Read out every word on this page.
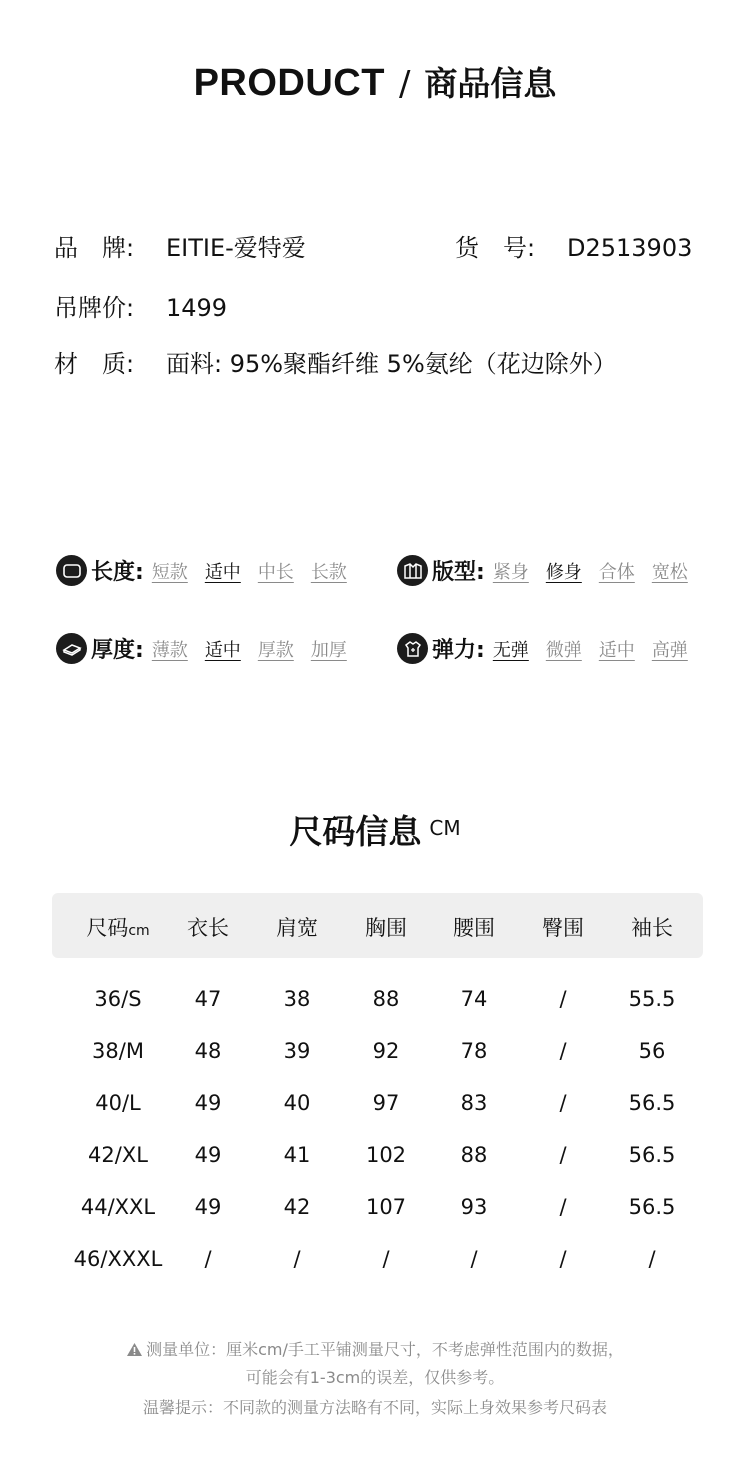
PRODUCT / 商品信息
品　牌: EITIE-爱特爱	货　号: D2513903
吊牌价: 1499
材　质: 面料: 95%聚酯纤维 5%氨纶（花边除外）
长度: 短款 适中 中长 长款	版型: 紧身 修身 合体 宽松
厚度: 薄款 适中 厚款 加厚	弹力: 无弹 微弹 适中 高弹
尺码信息 CM
尺码cm	衣长	肩宽	胸围	腰围	臀围	袖长
36/S	47	38	88	74	/	55.5
38/M	48	39	92	78	/	56
40/L	49	40	97	83	/	56.5
42/XL	49	41	102	88	/	56.5
44/XXL	49	42	107	93	/	56.5
46/XXXL	/	/	/	/	/	/
测量单位：厘米cm/手工平铺测量尺寸，不考虑弹性范围内的数据，
可能会有1-3cm的误差，仅供参考。
温馨提示：不同款的测量方法略有不同，实际上身效果参考尺码表
